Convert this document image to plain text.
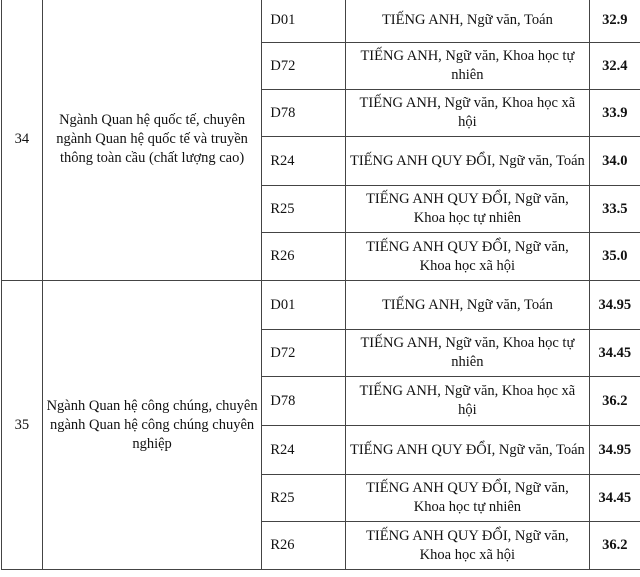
34	Ngành Quan hệ quốc tế, chuyên ngành Quan hệ quốc tế và truyền thông toàn cầu (chất lượng cao)	D01	TIẾNG ANH, Ngữ văn, Toán	32.9
		D72	TIẾNG ANH, Ngữ văn, Khoa học tự nhiên	32.4
		D78	TIẾNG ANH, Ngữ văn, Khoa học xã hội	33.9
		R24	TIẾNG ANH QUY ĐỔI, Ngữ văn, Toán	34.0
		R25	TIẾNG ANH QUY ĐỔI, Ngữ văn, Khoa học tự nhiên	33.5
		R26	TIẾNG ANH QUY ĐỔI, Ngữ văn, Khoa học xã hội	35.0
35	Ngành Quan hệ công chúng, chuyên ngành Quan hệ công chúng chuyên nghiệp	D01	TIẾNG ANH, Ngữ văn, Toán	34.95
		D72	TIẾNG ANH, Ngữ văn, Khoa học tự nhiên	34.45
		D78	TIẾNG ANH, Ngữ văn, Khoa học xã hội	36.2
		R24	TIẾNG ANH QUY ĐỔI, Ngữ văn, Toán	34.95
		R25	TIẾNG ANH QUY ĐỔI, Ngữ văn, Khoa học tự nhiên	34.45
		R26	TIẾNG ANH QUY ĐỔI, Ngữ văn, Khoa học xã hội	36.2
